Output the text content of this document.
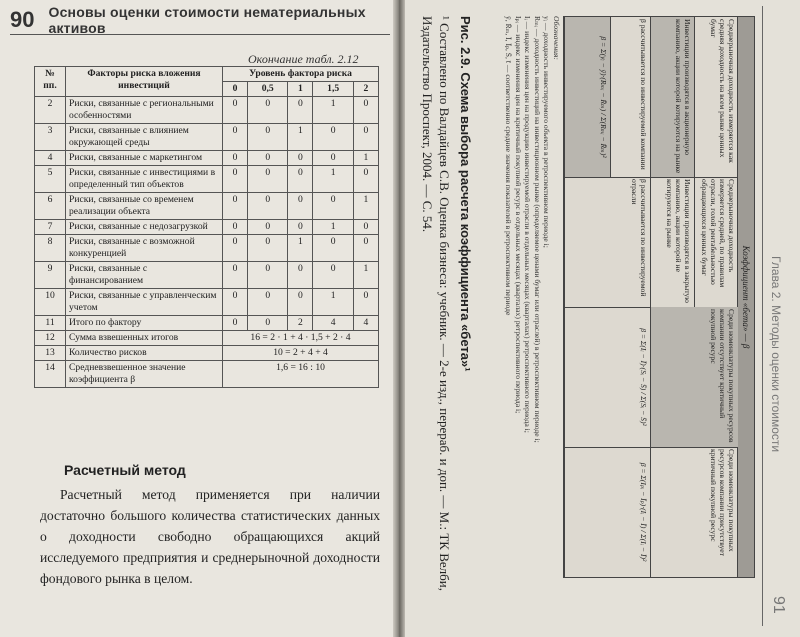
90 Основы оценки стоимости нематериальных активов
Окончание табл. 2.12
№ пп.	Факторы риска вложения инвестиций	Уровень фактора риска				
		0	0,5	1	1,5	2
2	Риски, связанные с региональными особенностями	0	0	0	1	0
3	Риски, связанные с влиянием окружающей среды	0	0	1	0	0
4	Риски, связанные с маркетингом	0	0	0	0	1
5	Риски, связанные с инвестициями в определенный тип объектов	0	0	0	1	0
6	Риски, связанные со временем реализации объекта	0	0	0	0	1
7	Риски, связанные с недозагрузкой	0	0	0	1	0
8	Риски, связанные с возможной конкуренцией	0	0	1	0	0
9	Риски, связанные с финансированием	0	0	0	0	1
10	Риски, связанные с управленческим учетом	0	0	0	1	0
11	Итого по фактору	0	0	2	4	4
12	Сумма взвешенных итогов	16 = 2 · 1 + 4 · 1,5 + 2 · 4				
13	Количество рисков	10 = 2 + 4 + 4				
14	Средневзвешенное значение коэффициента β	1,6 = 16 : 10				
Расчетный метод
Расчетный метод применяется при наличии достаточно большого количества статистических данных о доходности свободно обращающихся акций исследуемого предприятия и среднерыночной доходности фондового рынка в целом.
Глава 2. Методы оценки стоимости
91
Коэффициент «бета» — β
Среднерыночная доходность измеряется как средняя доходность на всем рынке ценных бумаг
Инвестиции производятся в акционерную компанию, акции которой котируются на рынке
β рассчитывается по инвестируемой компании
β = Σ(yᵢ − ȳ)·(Rₘᵢ − R̄ₘ) / Σ(Rₘᵢ − R̄ₘ)²
Среднерыночная доходность измеряется средней, по правилам отрасли, голой рентабельностью обращающихся ценных бумаг
Инвестиции производятся в закрытую компанию, акции которой не котируются на рынке
β рассчитывается по инвестируемой отрасли
Среди номенклатуры покупных ресурсов компании отсутствует критичный покупной ресурс
β = Σ(Iᵢ − Ī)·(Sᵢ − S̄) / Σ(Sᵢ − S̄)²
Среди номенклатуры покупных ресурсов компании присутствует критичный покупной ресурс
β = Σ(Iₚᵢ − Īₚ)·(Iᵢ − Ī) / Σ(Iᵢ − Ī)²
Обозначения:
yᵢ — доходность инвестируемого объекта в ретроспективном периоде i;
Rₘᵢ — доходность инвестиций на инвестиционном рынке (определяемое ценами бумаг или отраслей) в ретроспективном периоде i;
Iᵢ — индекс изменения цен на продукцию инвестируемой отрасли в отдельных месяцах (кварталах) ретроспективного периода i;
Iₚᵢ — индекс изменения цен на критичный покупной ресурс в отдельных месяцах (кварталах) ретроспективного периода i;
ȳ, R̄ₘ, Ī, Īₚ, S̄, t̄ — соответственно средние значения показателей в ретроспективном периоде
Рис. 2.9. Схема выбора расчета коэффициента «бета»¹
¹ Составлено по Валдайцев С.В. Оценка бизнеса: учебник. — 2-е изд., перераб. и доп. — М.: ТК Велби, Издательство Проспект, 2004. — С. 54.
